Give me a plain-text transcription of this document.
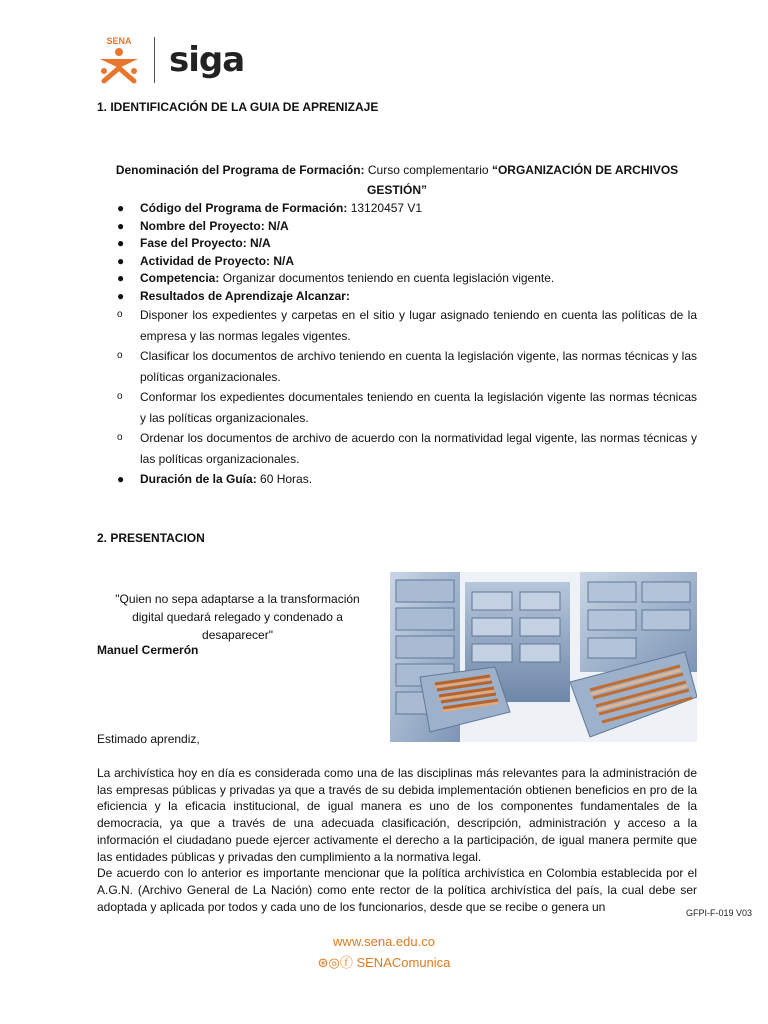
SENA siga
1. IDENTIFICACIÓN DE LA GUIA DE APRENIZAJE
Denominación del Programa de Formación: Curso complementario “ORGANIZACIÓN DE ARCHIVOS
GESTIÓN”
● Código del Programa de Formación: 13120457 V1
● Nombre del Proyecto: N/A
● Fase del Proyecto: N/A
● Actividad de Proyecto: N/A
● Competencia: Organizar documentos teniendo en cuenta legislación vigente.
● Resultados de Aprendizaje Alcanzar:
o Disponer los expedientes y carpetas en el sitio y lugar asignado teniendo en cuenta las políticas de la empresa y las normas legales vigentes.
o Clasificar los documentos de archivo teniendo en cuenta la legislación vigente, las normas técnicas y las políticas organizacionales.
o Conformar los expedientes documentales teniendo en cuenta la legislación vigente las normas técnicas y las políticas organizacionales.
o Ordenar los documentos de archivo de acuerdo con la normatividad legal vigente, las normas técnicas y las políticas organizacionales.
● Duración de la Guía: 60 Horas.
2. PRESENTACION
"Quien no sepa adaptarse a la transformación digital quedará relegado y condenado a desaparecer"
Manuel Cermerón
Estimado aprendiz,
La archivística hoy en día es considerada como una de las disciplinas más relevantes para la administración de las empresas públicas y privadas ya que a través de su debida implementación obtienen beneficios en pro de la eficiencia y la eficacia institucional, de igual manera es uno de los componentes fundamentales de la democracia, ya que a través de una adecuada clasificación, descripción, administración y acceso a la información el ciudadano puede ejercer activamente el derecho a la participación, de igual manera permite que las entidades públicas y privadas den cumplimiento a la normativa legal.
De acuerdo con lo anterior es importante mencionar que la política archivística en Colombia establecida por el A.G.N. (Archivo General de La Nación) como ente rector de la política archivística del país, la cual debe ser adoptada y aplicada por todos y cada uno de los funcionarios, desde que se recibe o genera un	GFPI-F-019 V03
www.sena.edu.co
⊛◎ⓕ SENAComunica
